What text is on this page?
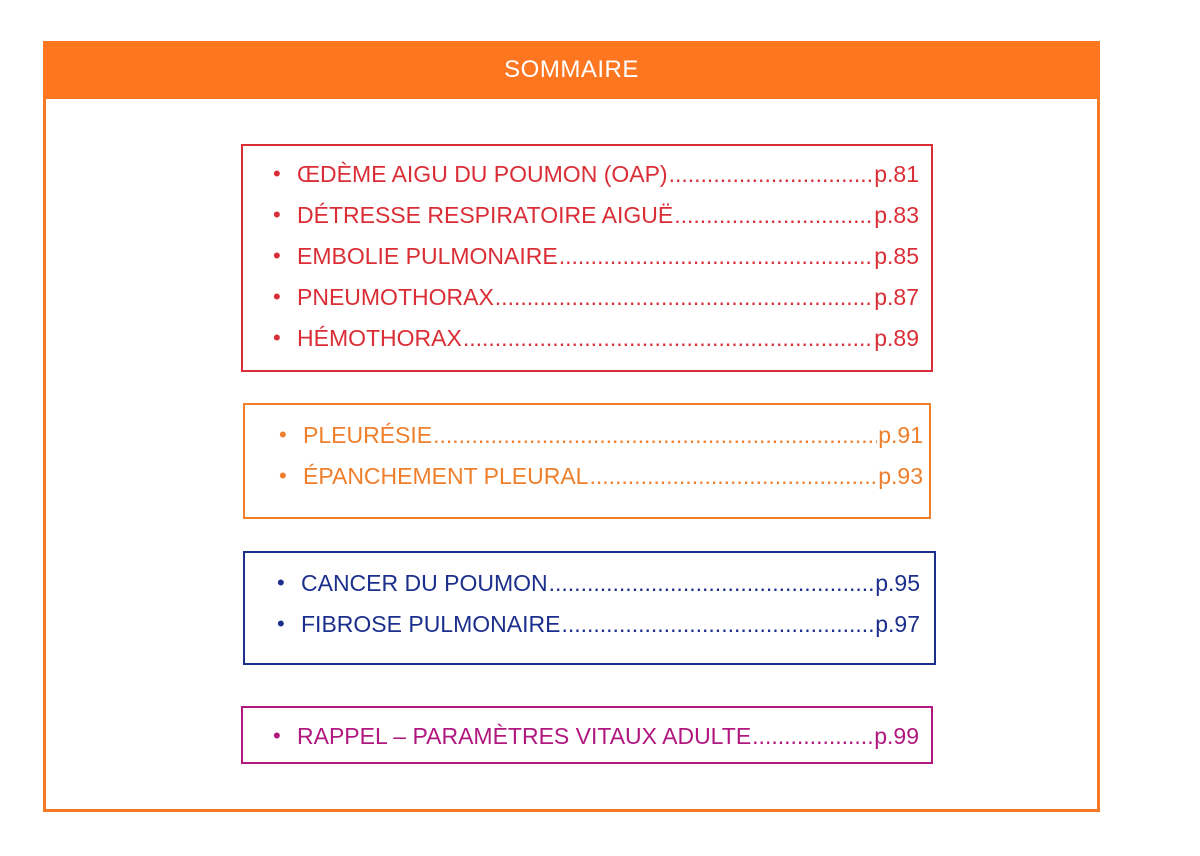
SOMMAIRE
• ŒDÈME AIGU DU POUMON (OAP) .....	p.81
• DÉTRESSE RESPIRATOIRE AIGUË .....	p.83
• EMBOLIE PULMONAIRE .....	p.85
• PNEUMOTHORAX .....	p.87
• HÉMOTHORAX .....	p.89
• PLEURÉSIE .....	p.91
• ÉPANCHEMENT PLEURAL .....	p.93
• CANCER DU POUMON .....	p.95
• FIBROSE PULMONAIRE .....	p.97
• RAPPEL – PARAMÈTRES VITAUX ADULTE .....	p.99
